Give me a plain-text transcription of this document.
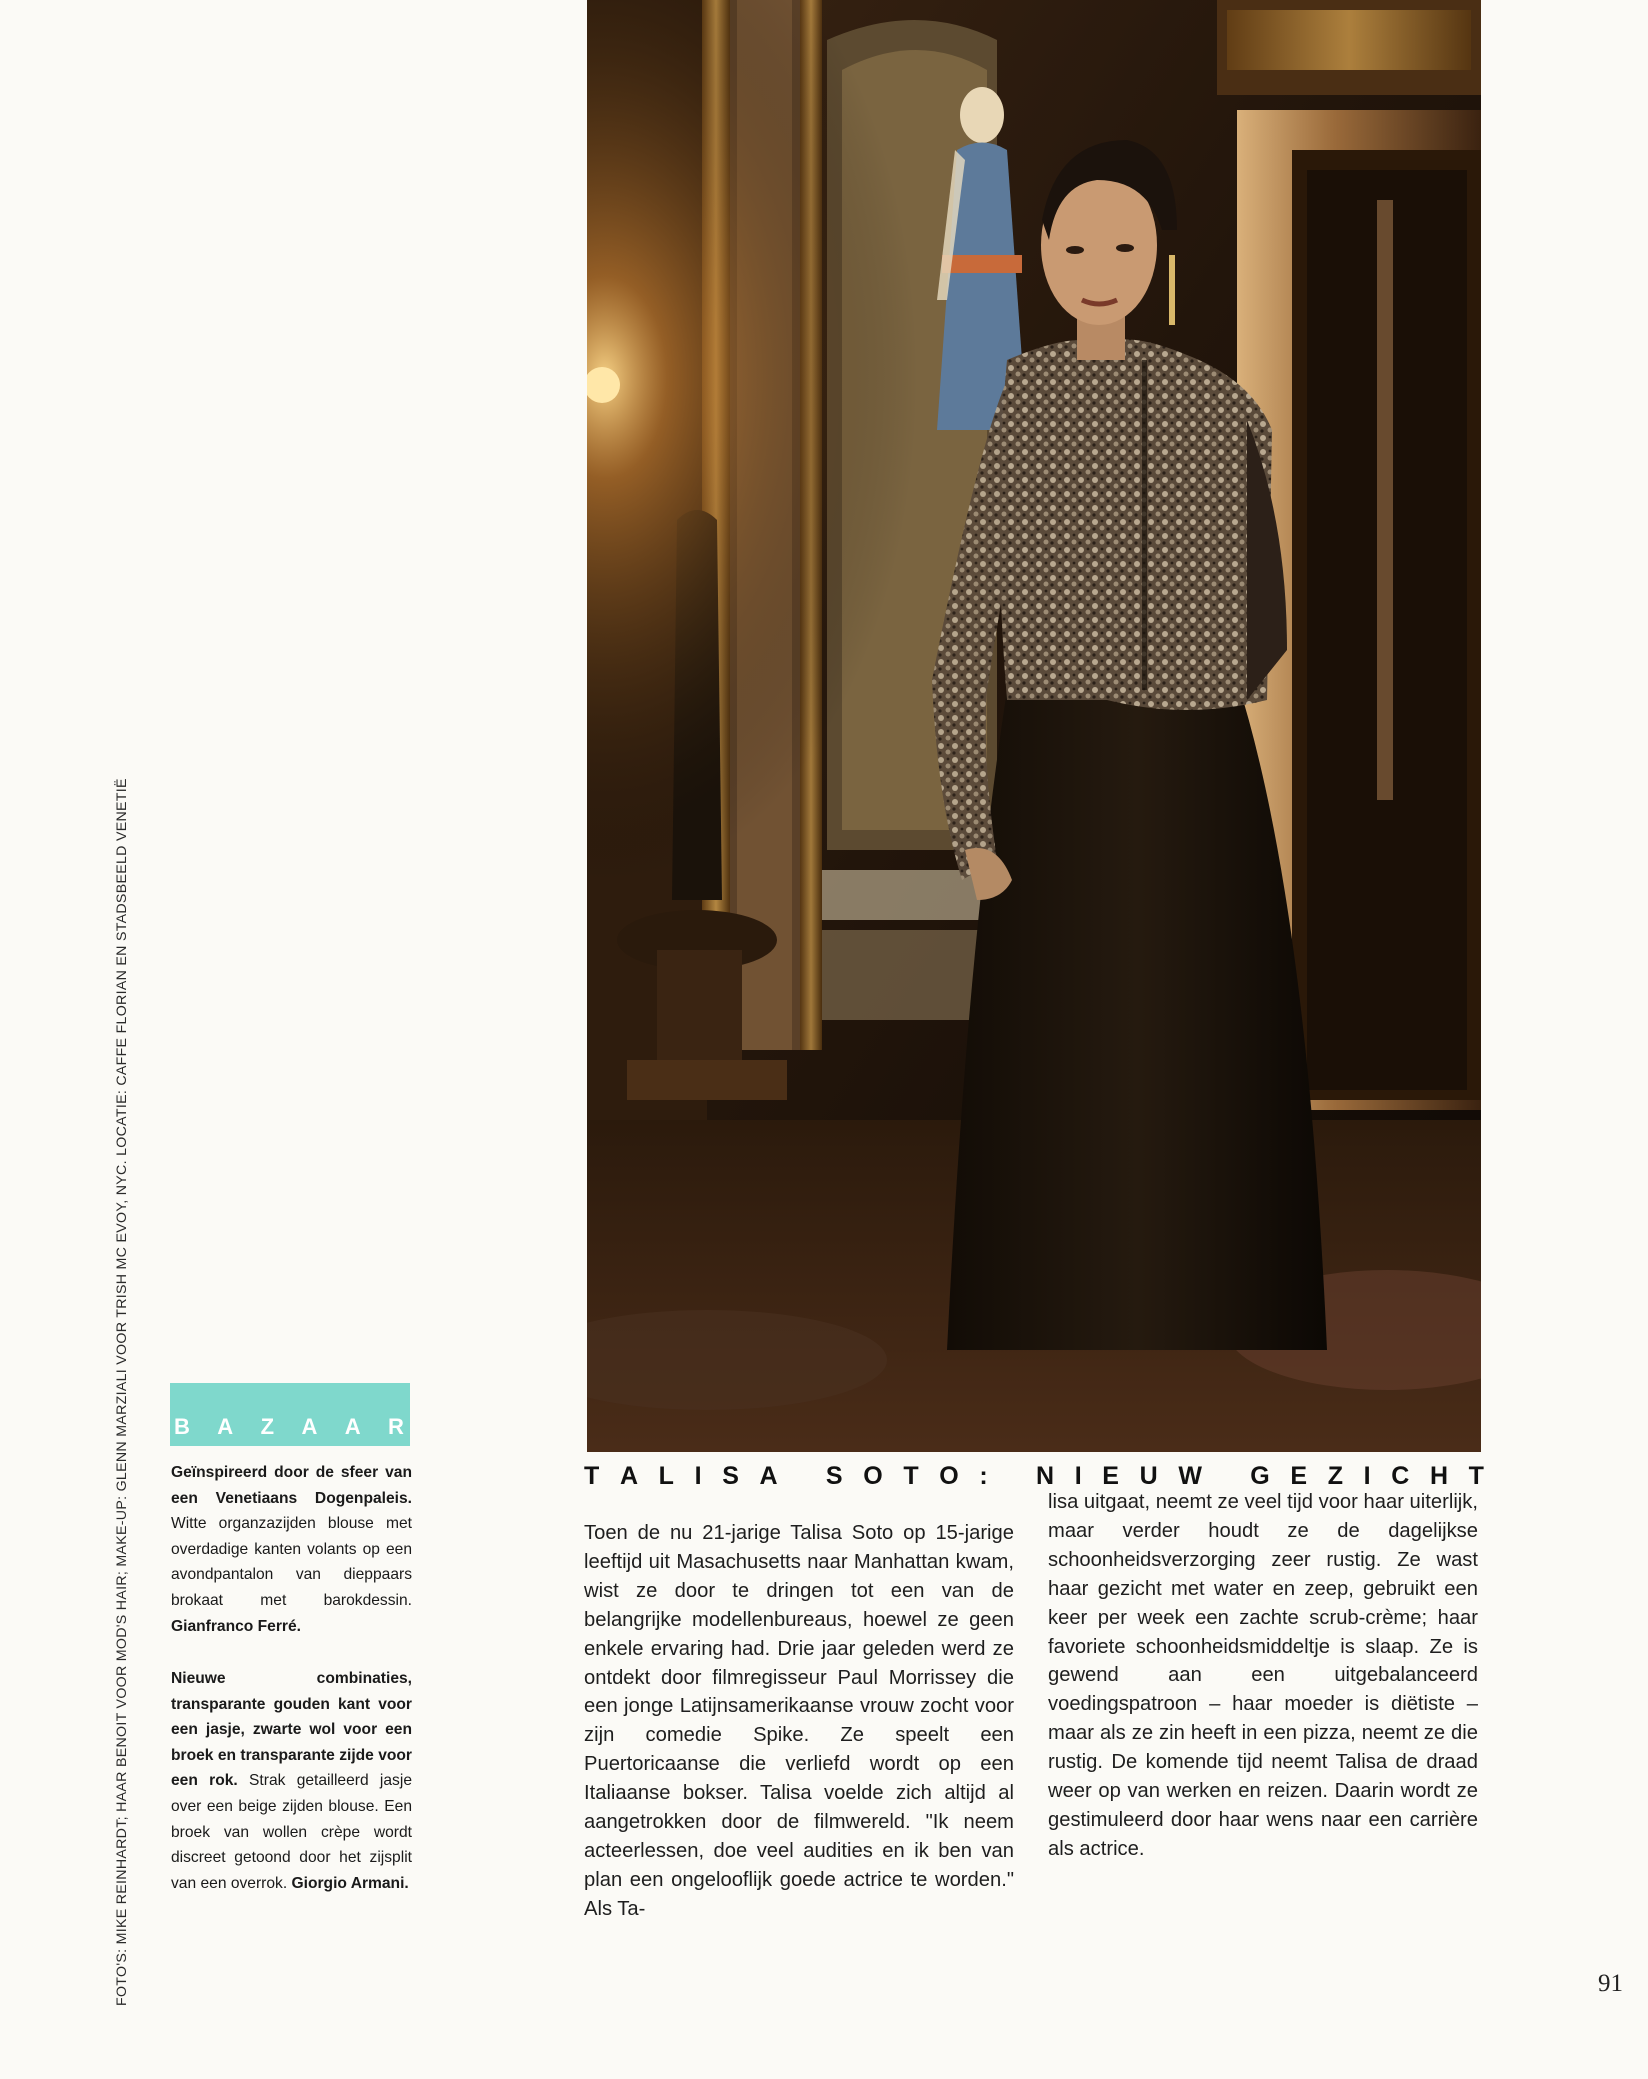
FOTO'S: MIKE REINHARDT; HAAR BENOIT VOOR MOD'S HAIR; MAKE-UP: GLENN MARZIALI VOOR TRISH MC EVOY, NYC. LOCATIE: CAFFE FLORIAN EN STADSBEELD VENETIË	T A L I S A
S O T O :
N I E U W
G E Z I C H T
B A Z A A R
Geïnspireerd door de sfeer van een Venetiaans Dogenpaleis. Witte organzazijden blouse met overdadige kanten volants op een avondpantalon van dieppaars brokaat met barokdessin. Gianfranco Ferré.
Nieuwe combinaties, transparante gouden kant voor een jasje, zwarte wol voor een broek en transparante zijde voor een rok. Strak getailleerd jasje over een beige zijden blouse. Een broek van wollen crèpe wordt discreet getoond door het zijsplit van een overrok. Giorgio Armani.
Toen de nu 21-jarige Talisa Soto op 15-jarige leeftijd uit Masachusetts naar Manhattan kwam, wist ze door te dringen tot een van de belangrijke modellenbureaus, hoewel ze geen enkele ervaring had. Drie jaar geleden werd ze ontdekt door filmregisseur Paul Morrissey die een jonge Latijnsamerikaanse vrouw zocht voor zijn comedie Spike. Ze speelt een Puertoricaanse die verliefd wordt op een Italiaanse bokser. Talisa voelde zich altijd al aangetrokken door de filmwereld. "Ik neem acteerlessen, doe veel audities en ik ben van plan een ongelooflijk goede actrice te worden." Als Ta-
lisa uitgaat, neemt ze veel tijd voor haar uiterlijk, maar verder houdt ze de dagelijkse schoonheidsverzorging zeer rustig. Ze wast haar gezicht met water en zeep, gebruikt een keer per week een zachte scrub-crème; haar favoriete schoonheidsmiddeltje is slaap. Ze is gewend aan een uitgebalanceerd voedingspatroon – haar moeder is diëtiste – maar als ze zin heeft in een pizza, neemt ze die rustig. De komende tijd neemt Talisa de draad weer op van werken en reizen. Daarin wordt ze gestimuleerd door haar wens naar een carrière als actrice.
91
